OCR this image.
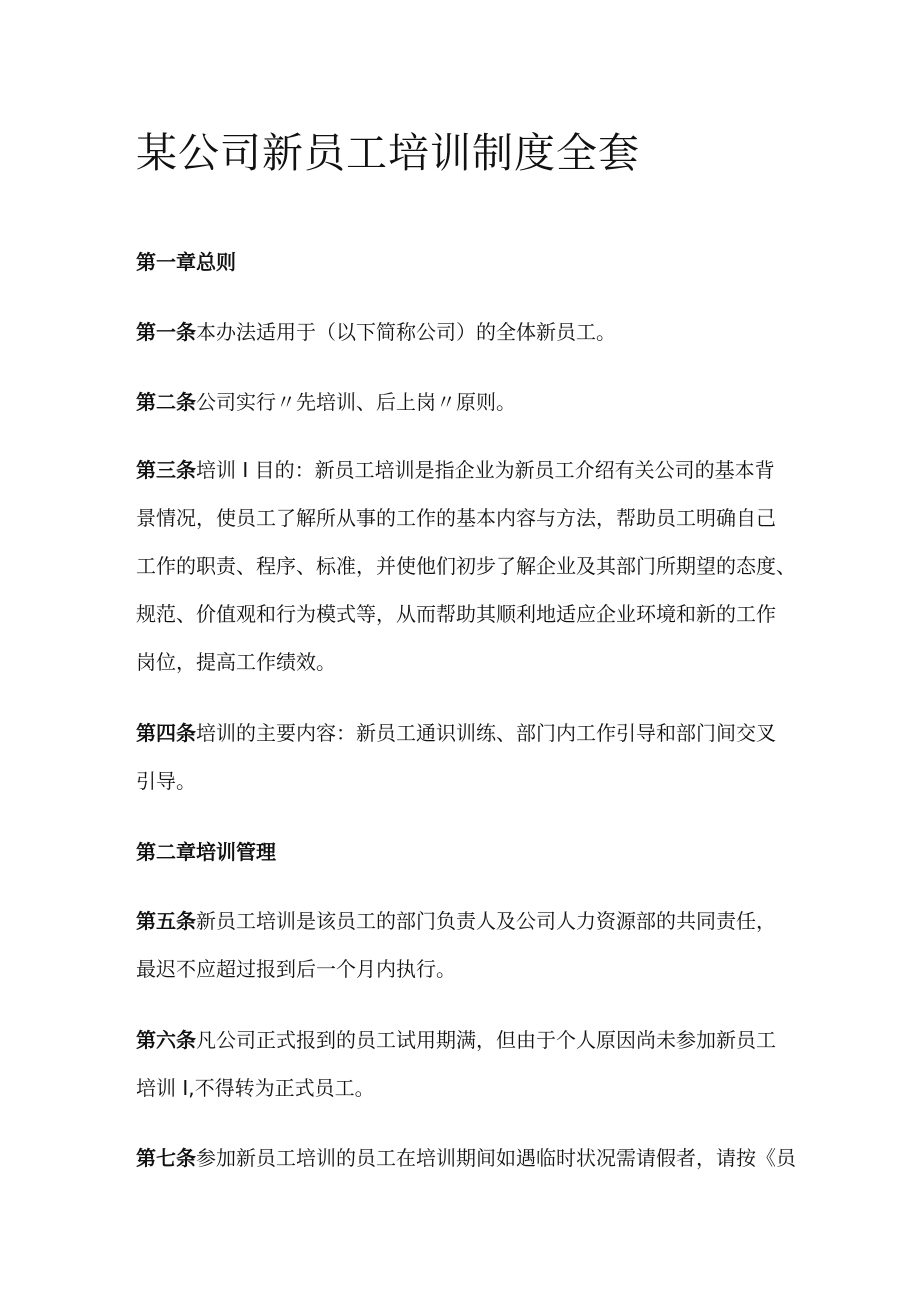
某公司新员工培训制度全套
第一章总则
第一条本办法适用于（以下简称公司）的全体新员工。
第二条公司实行〃先培训、后上岗〃原则。
第三条培训 I 目的：新员工培训是指企业为新员工介绍有关公司的基本背
景情况，使员工了解所从事的工作的基本内容与方法，帮助员工明确自己
工作的职责、程序、标准，并使他们初步了解企业及其部门所期望的态度、
规范、价值观和行为模式等，从而帮助其顺利地适应企业环境和新的工作
岗位，提高工作绩效。
第四条培训的主要内容：新员工通识训练、部门内工作引导和部门间交叉
引导。
第二章培训管理
第五条新员工培训是该员工的部门负责人及公司人力资源部的共同责任，
最迟不应超过报到后一个月内执行。
第六条凡公司正式报到的员工试用期满，但由于个人原因尚未参加新员工
培训 I,不得转为正式员工。
第七条参加新员工培训的员工在培训期间如遇临时状况需请假者，请按《员
